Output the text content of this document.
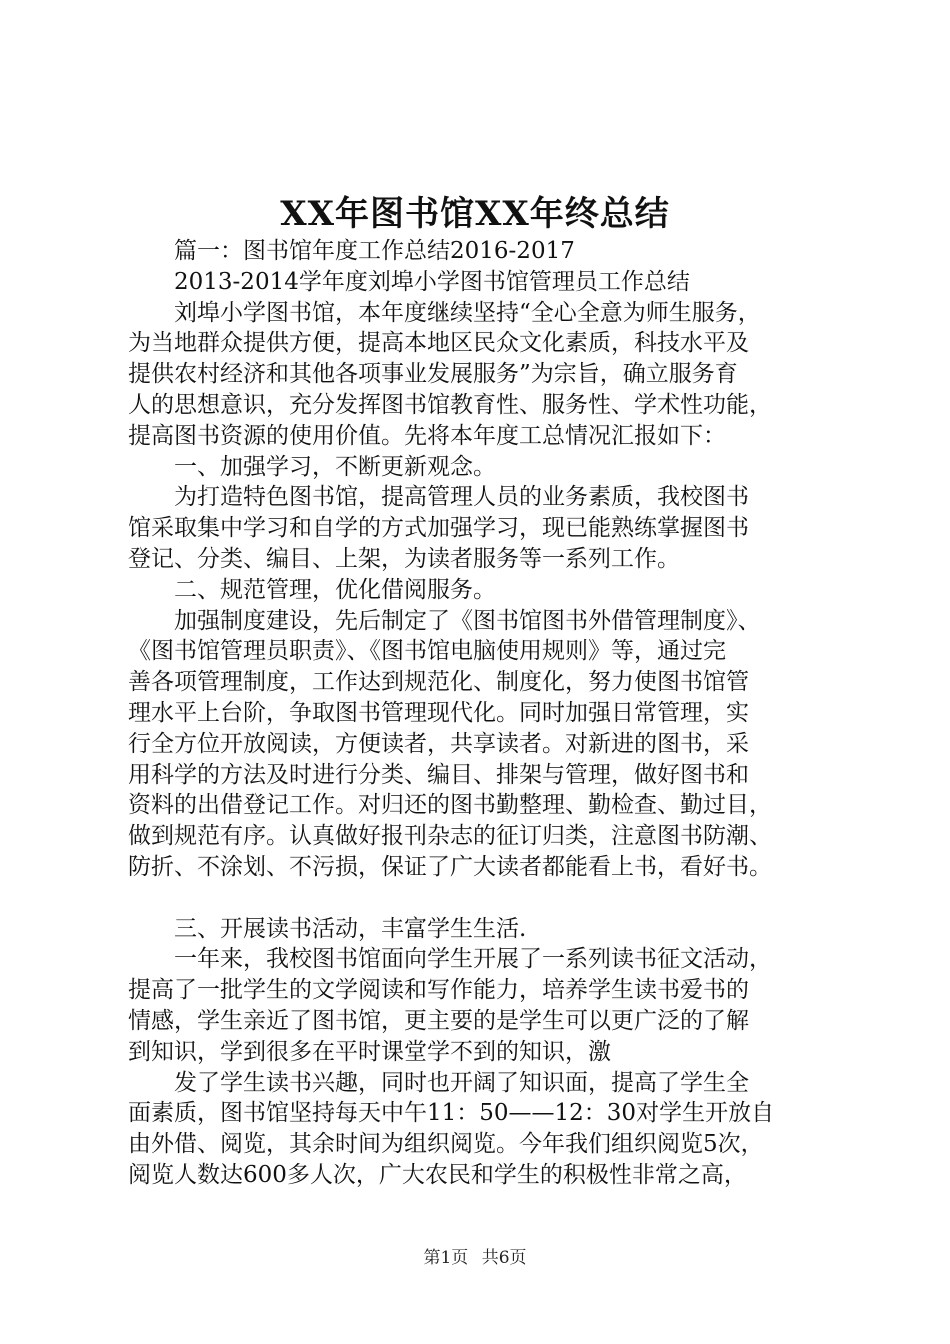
XX年图书馆XX年终总结
篇一：图书馆年度工作总结2016-2017
2013-2014学年度刘埠小学图书馆管理员工作总结
刘埠小学图书馆，本年度继续坚持“全心全意为师生服务，
为当地群众提供方便，提高本地区民众文化素质，科技水平及
提供农村经济和其他各项事业发展服务”为宗旨，确立服务育
人的思想意识，充分发挥图书馆教育性、服务性、学术性功能，
提高图书资源的使用价值。先将本年度工总情况汇报如下：
一、加强学习，不断更新观念。
为打造特色图书馆，提高管理人员的业务素质，我校图书
馆采取集中学习和自学的方式加强学习，现已能熟练掌握图书
登记、分类、编目、上架，为读者服务等一系列工作。
二、规范管理，优化借阅服务。
加强制度建设，先后制定了《图书馆图书外借管理制度》、
《图书馆管理员职责》、《图书馆电脑使用规则》等，通过完
善各项管理制度，工作达到规范化、制度化，努力使图书馆管
理水平上台阶，争取图书管理现代化。同时加强日常管理，实
行全方位开放阅读，方便读者，共享读者。对新进的图书，采
用科学的方法及时进行分类、编目、排架与管理，做好图书和
资料的出借登记工作。对归还的图书勤整理、勤检查、勤过目，
做到规范有序。认真做好报刊杂志的征订归类，注意图书防潮、
防折、不涂划、不污损，保证了广大读者都能看上书，看好书。
三、开展读书活动，丰富学生生活.
一年来，我校图书馆面向学生开展了一系列读书征文活动，
提高了一批学生的文学阅读和写作能力，培养学生读书爱书的
情感，学生亲近了图书馆，更主要的是学生可以更广泛的了解
到知识，学到很多在平时课堂学不到的知识，激
发了学生读书兴趣，同时也开阔了知识面，提高了学生全
面素质，图书馆坚持每天中午11：50——12：30对学生开放自
由外借、阅览，其余时间为组织阅览。今年我们组织阅览5次，
阅览人数达600多人次，广大农民和学生的积极性非常之高，
第1页 共6页
